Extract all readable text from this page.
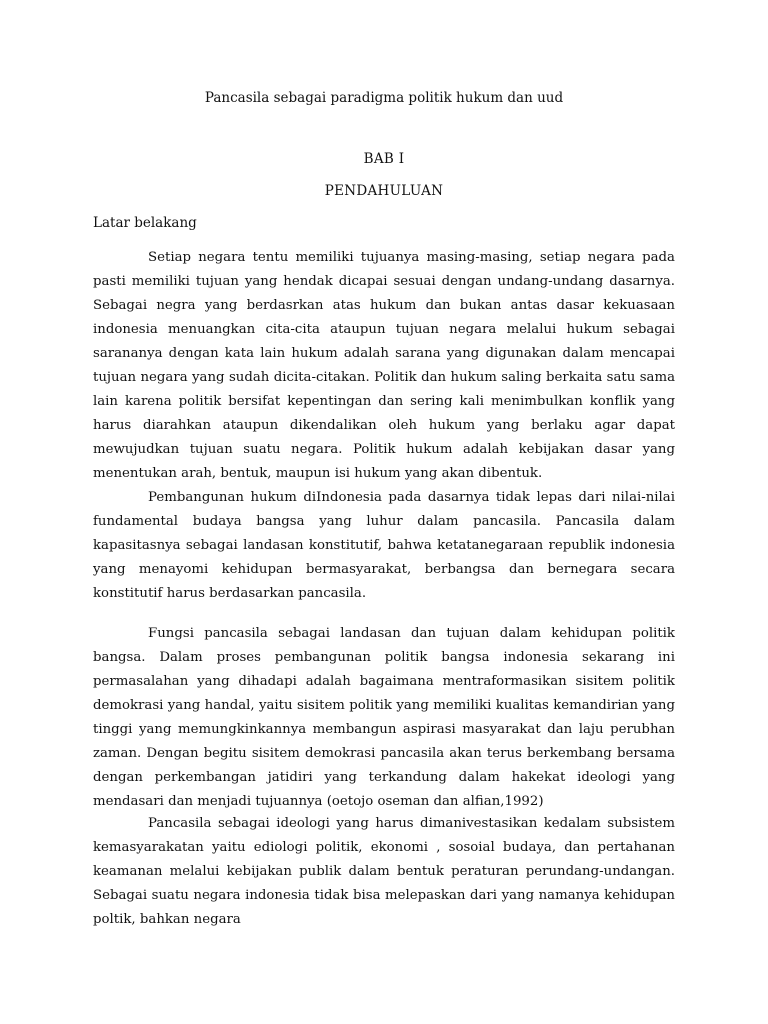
Pancasila sebagai paradigma politik hukum dan uud
BAB I
PENDAHULUAN

Latar belakang

Setiap negara tentu memiliki tujuanya masing-masing, setiap negara pada pasti memiliki tujuan yang hendak dicapai sesuai dengan undang-undang dasarnya. Sebagai negra yang berdasrkan atas hukum dan bukan antas dasar kekuasaan indonesia menuangkan cita-cita ataupun tujuan negara melalui hukum sebagai sarananya dengan kata lain hukum adalah sarana yang digunakan dalam mencapai tujuan negara yang sudah dicita-citakan. Politik dan hukum saling berkaita satu sama lain karena politik bersifat kepentingan dan sering kali menimbulkan konflik yang harus diarahkan ataupun dikendalikan oleh hukum yang berlaku agar dapat mewujudkan tujuan suatu negara. Politik hukum adalah kebijakan dasar yang menentukan arah, bentuk, maupun isi hukum yang akan dibentuk.

Pembangunan hukum diIndonesia pada dasarnya tidak lepas dari nilai-nilai fundamental budaya bangsa yang luhur dalam pancasila. Pancasila dalam kapasitasnya sebagai landasan konstitutif, bahwa ketatanegaraan republik indonesia yang menayomi kehidupan bermasyarakat, berbangsa dan bernegara secara konstitutif harus berdasarkan pancasila.

Fungsi pancasila sebagai landasan dan tujuan dalam kehidupan politik bangsa. Dalam proses pembangunan politik bangsa indonesia sekarang ini permasalahan yang dihadapi adalah bagaimana mentraformasikan sisitem politik demokrasi yang handal, yaitu sisitem politik yang memiliki kualitas kemandirian yang tinggi yang memungkinkannya membangun aspirasi masyarakat dan laju perubhan zaman. Dengan begitu sisitem demokrasi pancasila akan terus berkembang bersama dengan perkembangan jatidiri yang terkandung dalam hakekat ideologi yang mendasari dan menjadi tujuannya (oetojo oseman dan alfian,1992)

Pancasila sebagai ideologi yang harus dimanivestasikan kedalam subsistem kemasyarakatan yaitu ediologi politik, ekonomi , sosoial budaya, dan pertahanan keamanan melalui kebijakan publik dalam bentuk peraturan perundang-undangan. Sebagai suatu negara indonesia tidak bisa melepaskan dari yang namanya kehidupan poltik, bahkan negara
